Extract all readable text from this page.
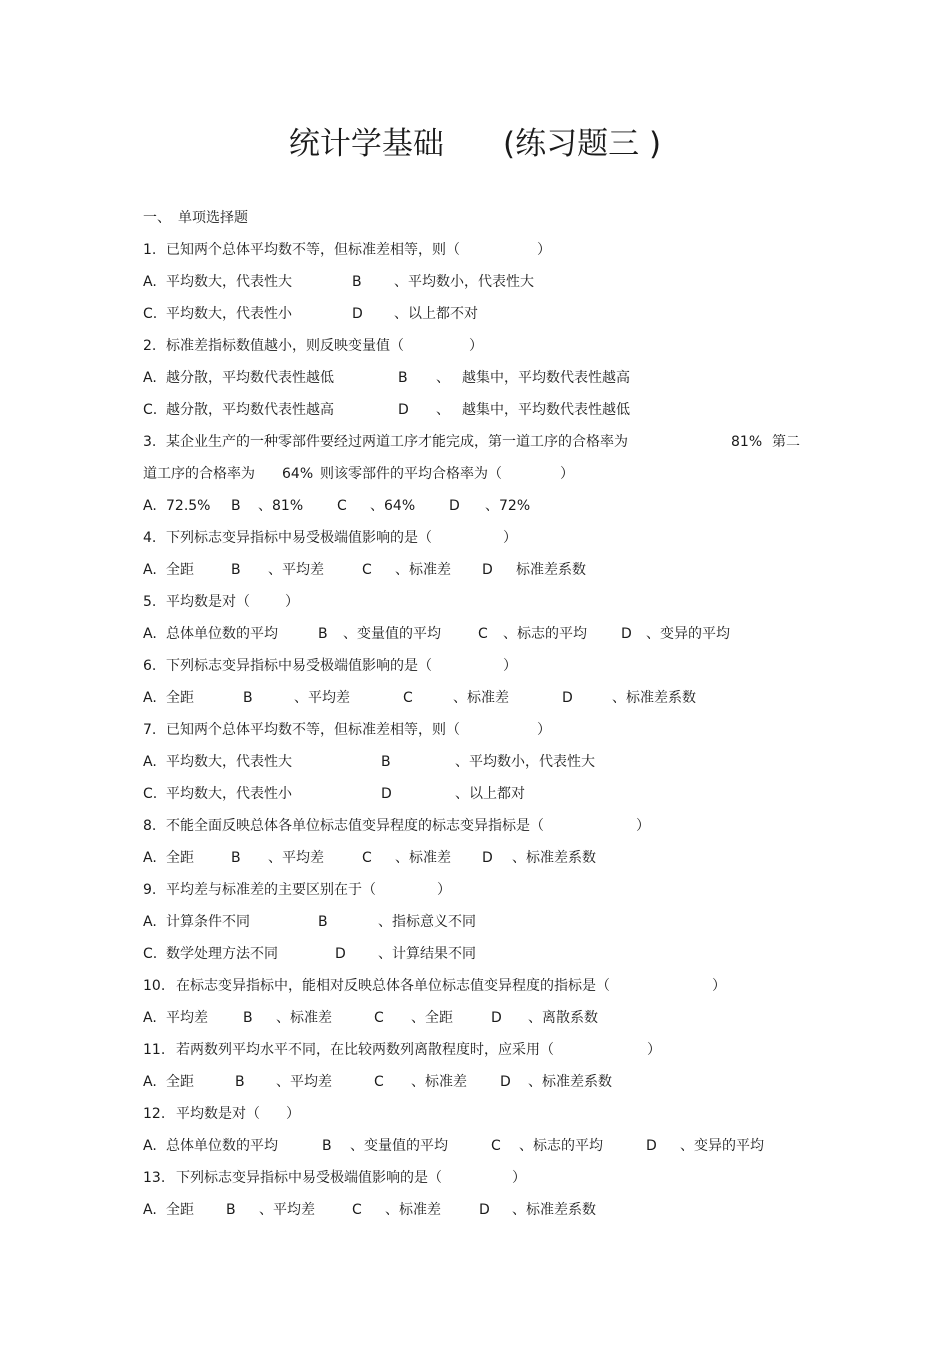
统计学基础      (练习题三 )
一、 单项选择题
1. 已知两个总体平均数不等，但标准差相等，则（	）
A. 平均数大，代表性大	B 、平均数小，代表性大
C. 平均数大，代表性小	D 、以上都不对
2. 标准差指标数值越小，则反映变量值（	）
A. 越分散，平均数代表性越低	B 、 越集中，平均数代表性越高
C. 越分散，平均数代表性越高	D 、 越集中，平均数代表性越低
3. 某企业生产的一种零部件要经过两道工序才能完成，第一道工序的合格率为	81% 第二
道工序的合格率为 64% 则该零部件的平均合格率为（	）
A. 72.5% B 、81% C 、64% D 、72%
4. 下列标志变异指标中易受极端值影响的是（	）
A. 全距	B 、平均差	C 、标准差 D 标准差系数
5. 平均数是对（	）
A. 总体单位数的平均	B 、变量值的平均	C 、标志的平均 D 、变异的平均
6. 下列标志变异指标中易受极端值影响的是（	）
A. 全距	B	、平均差	C	、标准差	D	、标准差系数
7. 已知两个总体平均数不等，但标准差相等，则（	）
A. 平均数大，代表性大	B	、平均数小，代表性大
C. 平均数大，代表性小	D	、以上都对
8. 不能全面反映总体各单位标志值变异程度的标志变异指标是（	）
A. 全距	B 、平均差	C 、标准差 D 、标准差系数
9. 平均差与标准差的主要区别在于（	）
A. 计算条件不同	B	、指标意义不同
C. 数学处理方法不同	D 、计算结果不同
10. 在标志变异指标中，能相对反映总体各单位标志值变异程度的指标是（	）
A. 平均差	B 、标准差	C 、全距	D 、离散系数
11. 若两数列平均水平不同，在比较两数列离散程度时，应采用（	）
A. 全距	B 、平均差	C 、标准差 D 、标准差系数
12. 平均数是对（ ）
A. 总体单位数的平均	B 、变量值的平均	C 、标志的平均	D 、变异的平均
13. 下列标志变异指标中易受极端值影响的是（	）
A. 全距 B 、平均差	C 、标准差	D 、标准差系数
